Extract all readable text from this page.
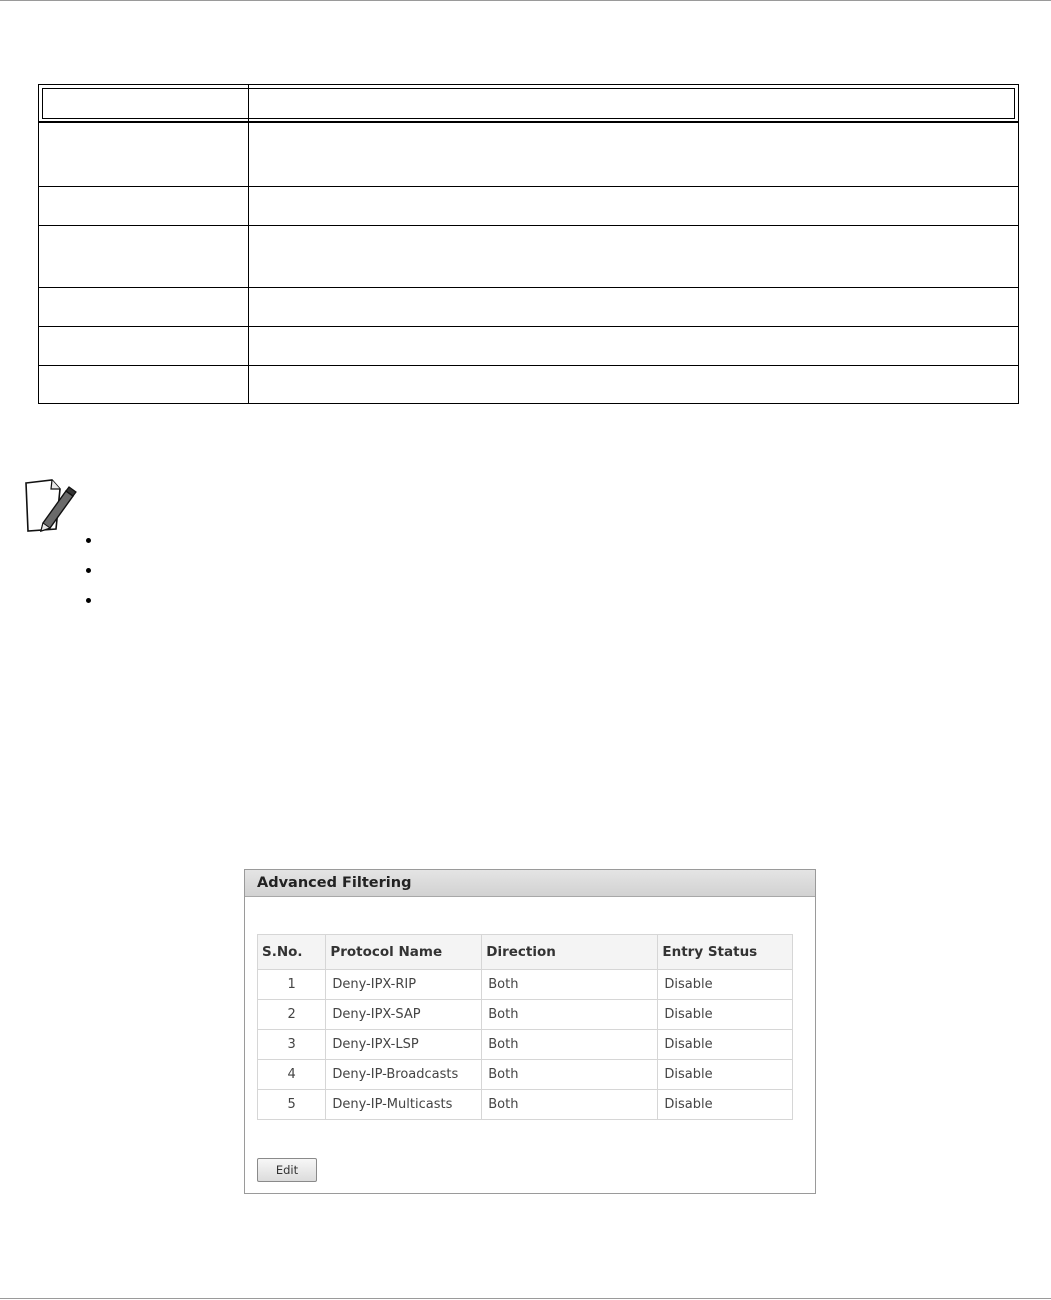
Advanced Filtering
S.No.	Protocol Name	Direction	Entry Status
1	Deny-IPX-RIP	Both	Disable
2	Deny-IPX-SAP	Both	Disable
3	Deny-IPX-LSP	Both	Disable
4	Deny-IP-Broadcasts	Both	Disable
5	Deny-IP-Multicasts	Both	Disable
Edit
